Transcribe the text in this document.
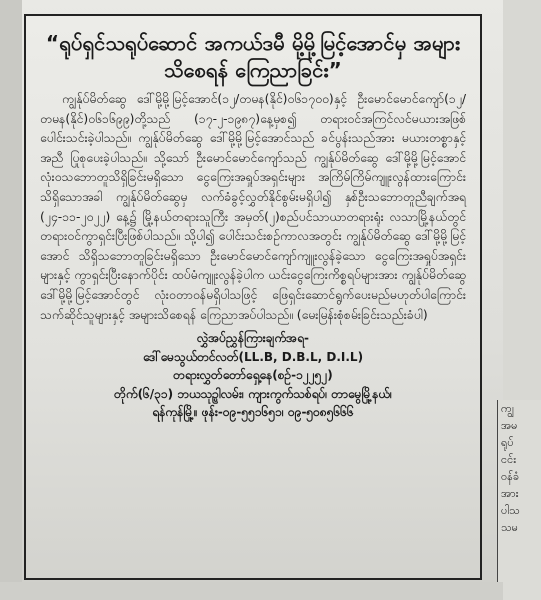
“ရုပ်ရှင်သရုပ်ဆောင် အကယ်ဒမီ မို့မို့မြင့်အောင်မှ အများသိစေရန် ကြေညာခြင်း”

ကျွန်ုပ်မိတ်ဆွေ ဒေါ်မို့မို့မြင့်အောင်(၁၂/တမန(နိုင်)၀၆၁၇၀၀)နှင့် ဦးမောင်မောင်ကျော်(၁၂/တမန(နိုင်)၀၆၁၆၉၉)တို့သည် (၁၇-၂-၁၉၈၇)နေ့မှစ၍ တရားဝင်အကြင်လင်မယားအဖြစ် ပေါင်းသင်းခဲ့ပါသည်။ ကျွန်ုပ်မိတ်ဆွေ ဒေါ်မို့မို့မြင့်အောင်သည် ခင်ပွန်းသည်အား မယားတစ္စာနှင့်အညီ ပြုစုပေးခဲ့ပါသည်။ သို့သော် ဦးမောင်မောင်ကျော်သည် ကျွန်ုပ်မိတ်ဆွေ ဒေါ်မို့မို့မြင့်အောင် လုံးဝသဘောတူသိရှိခြင်းမရှိသော ငွေကြေးအရှုပ်အရှင်းများ အကြိမ်ကြိမ်ကျူးလွန်ထားကြောင်း သိရှိသောအခါ ကျွန်ုပ်မိတ်ဆွေမှ လက်ခံခွင့်လွှတ်နိုင်စွမ်းမရှိပါ၍ နှစ်ဦးသဘောတူညီချက်အရ (၂၄-၁၁-၂၀၂၂) နေ့၌ မြို့နယ်တရားသူကြီး အမှတ်(၂)စည်ပင်သာယာတရားရုံး လသာမြို့နယ်တွင် တရားဝင်ကွာရှင်းပြီးဖြစ်ပါသည်။ သို့ပါ၍ ပေါင်းသင်းစဉ်ကာလအတွင်း ကျွန်ုပ်မိတ်ဆွေ ဒေါ်မို့မို့မြင့်အောင် သိရှိသဘောတူခြင်းမရှိသော ဦးမောင်မောင်ကျော်ကျူးလွန်ခဲ့သော ငွေကြေးအရှုပ်အရှင်းများနှင့် ကွာရှင်းပြီးနောက်ပိုင်း ထပ်မံကျူးလွန်ခဲ့ပါက ယင်းငွေကြေးကိစ္စရပ်များအား ကျွန်ုပ်မိတ်ဆွေ ဒေါ်မို့မို့မြင့်အောင်တွင် လုံးဝတာဝန်မရှိပါသဖြင့် ဖြေရှင်းဆောင်ရွက်ပေးမည်မဟုတ်ပါကြောင်း သက်ဆိုင်သူများနှင့် အများသိစေရန် ကြေညာအပ်ပါသည်။ (မေးမြန်းစုံစမ်းခြင်းသည်းခံပါ)

လွှဲအပ်ညွှန်ကြားချက်အရ-
ဒေါ်မေသွယ်တင်လတ်(LL.B, D.B.L, D.I.L)
တရားလွှတ်တော်ရှေ့နေ(စဉ်-၁၂၂၅၂)
တိုက်(၆/၃၁) ဘယသုဥ္ပါလမ်း၊ ကျားကွက်သစ်ရပ်၊ တာမွေမြို့နယ်၊
ရန်ကုန်မြို့။ ဖုန်း-၀၉-၅၅၁၆၅၁၊ ၀၉-၅၀၈၅၆၆၆	ကျွ
အမ
ရုပ်
ငင်း
ဝန်ခံ
အား
ပါသ
သမ
